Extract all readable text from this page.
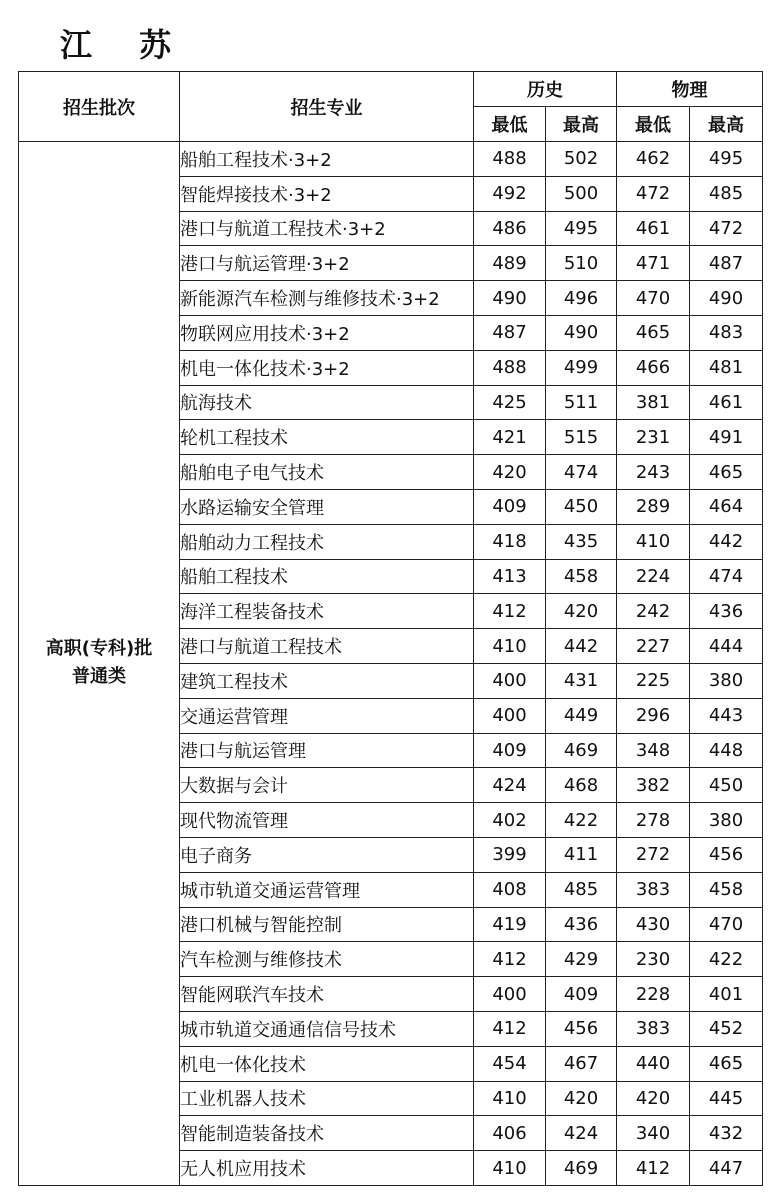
江 苏
招生批次	招生专业	历史		物理	
		最低	最高	最低	最高

高职(专科)批
普通类	船舶工程技术·3+2	488	502	462	495
	智能焊接技术·3+2	492	500	472	485
	港口与航道工程技术·3+2	486	495	461	472
	港口与航运管理·3+2	489	510	471	487
	新能源汽车检测与维修技术·3+2	490	496	470	490
	物联网应用技术·3+2	487	490	465	483
	机电一体化技术·3+2	488	499	466	481
	航海技术	425	511	381	461
	轮机工程技术	421	515	231	491
	船舶电子电气技术	420	474	243	465
	水路运输安全管理	409	450	289	464
	船舶动力工程技术	418	435	410	442
	船舶工程技术	413	458	224	474
	海洋工程装备技术	412	420	242	436
	港口与航道工程技术	410	442	227	444
	建筑工程技术	400	431	225	380
	交通运营管理	400	449	296	443
	港口与航运管理	409	469	348	448
	大数据与会计	424	468	382	450
	现代物流管理	402	422	278	380
	电子商务	399	411	272	456
	城市轨道交通运营管理	408	485	383	458
	港口机械与智能控制	419	436	430	470
	汽车检测与维修技术	412	429	230	422
	智能网联汽车技术	400	409	228	401
	城市轨道交通通信信号技术	412	456	383	452
	机电一体化技术	454	467	440	465
	工业机器人技术	410	420	420	445
	智能制造装备技术	406	424	340	432
	无人机应用技术	410	469	412	447
